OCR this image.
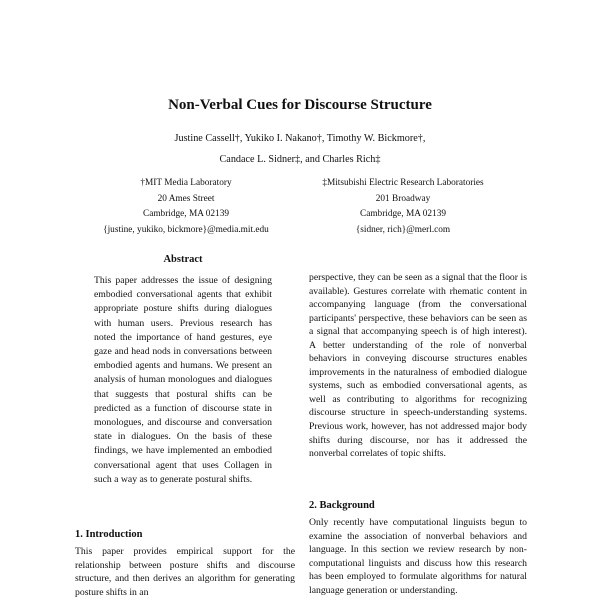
Non-Verbal Cues for Discourse Structure
Justine Cassell†, Yukiko I. Nakano†, Timothy W. Bickmore†,
Candace L. Sidner‡, and Charles Rich‡
†MIT Media Laboratory
20 Ames Street
Cambridge, MA 02139
{justine, yukiko, bickmore}@media.mit.edu
‡Mitsubishi Electric Research Laboratories
201 Broadway
Cambridge, MA 02139
{sidner, rich}@merl.com
Abstract

This paper addresses the issue of designing embodied conversational agents that exhibit appropriate posture shifts during dialogues with human users. Previous research has noted the importance of hand gestures, eye gaze and head nods in conversations between embodied agents and humans. We present an analysis of human monologues and dialogues that suggests that postural shifts can be predicted as a function of discourse state in monologues, and discourse and conversation state in dialogues. On the basis of these findings, we have implemented an embodied conversational agent that uses Collagen in such a way as to generate postural shifts.

1. Introduction

This paper provides empirical support for the relationship between posture shifts and discourse structure, and then derives an algorithm for generating posture shifts in an

perspective, they can be seen as a signal that the floor is available). Gestures correlate with rhematic content in accompanying language (from the conversational participants' perspective, these behaviors can be seen as a signal that accompanying speech is of high interest). A better understanding of the role of nonverbal behaviors in conveying discourse structures enables improvements in the naturalness of embodied dialogue systems, such as embodied conversational agents, as well as contributing to algorithms for recognizing discourse structure in speech-understanding systems. Previous work, however, has not addressed major body shifts during discourse, nor has it addressed the nonverbal correlates of topic shifts.

2. Background

Only recently have computational linguists begun to examine the association of nonverbal behaviors and language. In this section we review research by non-computational linguists and discuss how this research has been employed to formulate algorithms for natural language generation or understanding.
